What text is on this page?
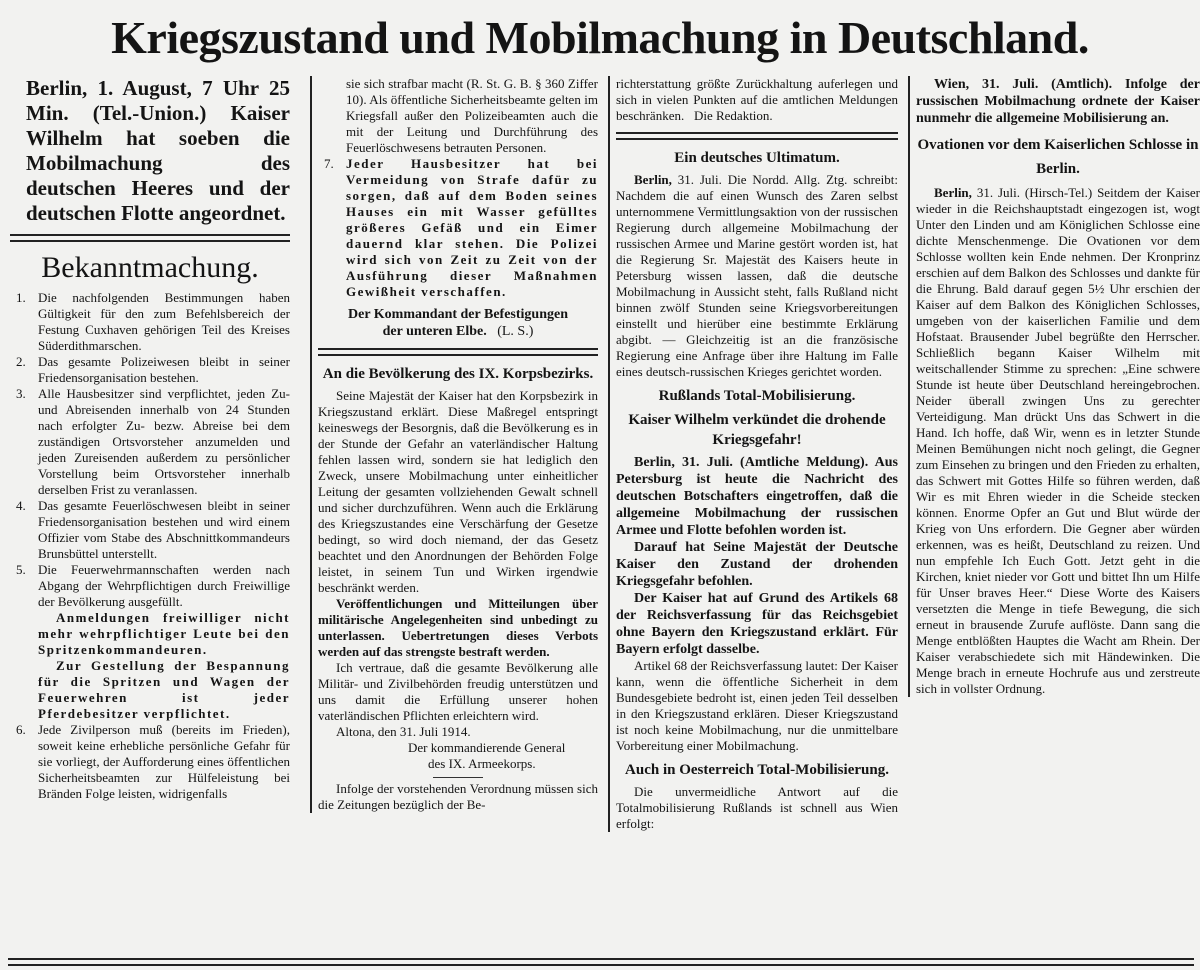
Kriegszustand und Mobilmachung in Deutschland.
Berlin, 1. August, 7 Uhr 25 Min. (Tel.-Union.) Kaiser Wilhelm hat soeben die Mobilmachung des deutschen Heeres und der deutschen Flotte angeordnet.
Bekanntmachung.
1. Die nachfolgenden Bestimmungen haben Gültigkeit für den zum Befehlsbereich der Festung Cuxhaven gehörigen Teil des Kreises Süderdithmarschen.
2. Das gesamte Polizeiwesen bleibt in seiner Friedensorganisation bestehen.
3. Alle Hausbesitzer sind verpflichtet, jeden Zu- und Abreisenden innerhalb von 24 Stunden nach erfolgter Zu- bezw. Abreise bei dem zuständigen Ortsvorsteher anzumelden und jeden Zureisenden außerdem zu persönlicher Vorstellung beim Ortsvorsteher innerhalb derselben Frist zu veranlassen.
4. Das gesamte Feuerlöschwesen bleibt in seiner Friedensorganisation bestehen und wird einem Offizier vom Stabe des Abschnittkommandeurs Brunsbüttel unterstellt.
5. Die Feuerwehrmannschaften werden nach Abgang der Wehrpflichtigen durch Freiwillige der Bevölkerung ausgefüllt.

Anmeldungen freiwilliger nicht mehr wehrpflichtiger Leute bei den Spritzenkommandeuren.

Zur Gestellung der Bespannung für die Spritzen und Wagen der Feuerwehren ist jeder Pferdebesitzer verpflichtet.

6. Jede Zivilperson muß (bereits im Frieden), soweit keine erhebliche persönliche Gefahr für sie vorliegt, der Aufforderung eines öffentlichen Sicherheitsbeamten zur Hülfeleistung bei Bränden Folge leisten, widrigenfalls
sie sich strafbar macht (R. St. G. B. § 360 Ziffer 10). Als öffentliche Sicherheitsbeamte gelten im Kriegsfall außer den Polizeibeamten auch die mit der Leitung und Durchführung des Feuerlöschwesens betrauten Personen.
7. Jeder Hausbesitzer hat bei Vermeidung von Strafe dafür zu sorgen, daß auf dem Boden seines Hauses ein mit Wasser gefülltes größeres Gefäß und ein Eimer dauernd klar stehen. Die Polizei wird sich von Zeit zu Zeit von der Ausführung dieser Maßnahmen Gewißheit verschaffen.
Der Kommandant der Befestigungen
der unteren Elbe. (L. S.)
An die Bevölkerung des IX. Korpsbezirks.

Seine Majestät der Kaiser hat den Korpsbezirk in Kriegszustand erklärt. Diese Maßregel entspringt keineswegs der Besorgnis, daß die Bevölkerung es in der Stunde der Gefahr an vaterländischer Haltung fehlen lassen wird, sondern sie hat lediglich den Zweck, unsere Mobilmachung unter einheitlicher Leitung der gesamten vollziehenden Gewalt schnell und sicher durchzuführen. Wenn auch die Erklärung des Kriegszustandes eine Verschärfung der Gesetze bedingt, so wird doch niemand, der das Gesetz beachtet und den Anordnungen der Behörden Folge leistet, in seinem Tun und Wirken irgendwie beschränkt werden.

Veröffentlichungen und Mitteilungen über militärische Angelegenheiten sind unbedingt zu unterlassen. Uebertretungen dieses Verbots werden auf das strengste bestraft werden.

Ich vertraue, daß die gesamte Bevölkerung alle Militär- und Zivilbehörden freudig unterstützen und uns damit die Erfüllung unserer hohen vaterländischen Pflichten erleichtern wird.

Altona, den 31. Juli 1914.

Der kommandierende General
des IX. Armeekorps.

Infolge der vorstehenden Verordnung müssen sich die Zeitungen bezüglich der Be-

richterstattung größte Zurückhaltung auferlegen und sich in vielen Punkten auf die amtlichen Meldungen beschränken. Die Redaktion.
Ein deutsches Ultimatum.

Berlin, 31. Juli. Die Nordd. Allg. Ztg. schreibt: Nachdem die auf einen Wunsch des Zaren selbst unternommene Vermittlungsaktion von der russischen Regierung durch allgemeine Mobilmachung der russischen Armee und Marine gestört worden ist, hat die Regierung Sr. Majestät des Kaisers heute in Petersburg wissen lassen, daß die deutsche Mobilmachung in Aussicht steht, falls Rußland nicht binnen zwölf Stunden seine Kriegsvorbereitungen einstellt und hierüber eine bestimmte Erklärung abgibt. — Gleichzeitig ist an die französische Regierung eine Anfrage über ihre Haltung im Falle eines deutsch-russischen Krieges gerichtet worden.

Rußlands Total-Mobilisierung.
Kaiser Wilhelm verkündet die drohende Kriegsgefahr!

Berlin, 31. Juli. (Amtliche Meldung). Aus Petersburg ist heute die Nachricht des deutschen Botschafters eingetroffen, daß die allgemeine Mobilmachung der russischen Armee und Flotte befohlen worden ist.

Darauf hat Seine Majestät der Deutsche Kaiser den Zustand der drohenden Kriegsgefahr befohlen.

Der Kaiser hat auf Grund des Artikels 68 der Reichsverfassung für das Reichsgebiet ohne Bayern den Kriegszustand erklärt. Für Bayern erfolgt dasselbe.

Artikel 68 der Reichsverfassung lautet: Der Kaiser kann, wenn die öffentliche Sicherheit in dem Bundesgebiete bedroht ist, einen jeden Teil desselben in den Kriegszustand erklären. Dieser Kriegszustand ist noch keine Mobilmachung, nur die unmittelbare Vorbereitung einer Mobilmachung.

Auch in Oesterreich Total-Mobilisierung.

Die unvermeidliche Antwort auf die Totalmobilisierung Rußlands ist schnell aus Wien erfolgt:

Wien, 31. Juli. (Amtlich). Infolge der russischen Mobilmachung ordnete der Kaiser nunmehr die allgemeine Mobilisierung an.

Ovationen vor dem Kaiserlichen Schlosse in Berlin.

Berlin, 31. Juli. (Hirsch-Tel.) Seitdem der Kaiser wieder in die Reichshauptstadt eingezogen ist, wogt Unter den Linden und am Königlichen Schlosse eine dichte Menschenmenge. Die Ovationen vor dem Schlosse wollten kein Ende nehmen. Der Kronprinz erschien auf dem Balkon des Schlosses und dankte für die Ehrung. Bald darauf gegen 5½ Uhr erschien der Kaiser auf dem Balkon des Königlichen Schlosses, umgeben von der kaiserlichen Familie und dem Hofstaat. Brausender Jubel begrüßte den Herrscher. Schließlich begann Kaiser Wilhelm mit weitschallender Stimme zu sprechen: „Eine schwere Stunde ist heute über Deutschland hereingebrochen. Neider überall zwingen Uns zu gerechter Verteidigung. Man drückt Uns das Schwert in die Hand. Ich hoffe, daß Wir, wenn es in letzter Stunde Meinen Bemühungen nicht noch gelingt, die Gegner zum Einsehen zu bringen und den Frieden zu erhalten, das Schwert mit Gottes Hilfe so führen werden, daß Wir es mit Ehren wieder in die Scheide stecken können. Enorme Opfer an Gut und Blut würde der Krieg von Uns erfordern. Die Gegner aber würden erkennen, was es heißt, Deutschland zu reizen. Und nun empfehle Ich Euch Gott. Jetzt geht in die Kirchen, kniet nieder vor Gott und bittet Ihn um Hilfe für Unser braves Heer.“ Diese Worte des Kaisers versetzten die Menge in tiefe Bewegung, die sich erneut in brausende Zurufe auflöste. Dann sang die Menge entblößten Hauptes die Wacht am Rhein. Der Kaiser verabschiedete sich mit Händewinken. Die Menge brach in erneute Hochrufe aus und zerstreute sich in vollster Ordnung.
